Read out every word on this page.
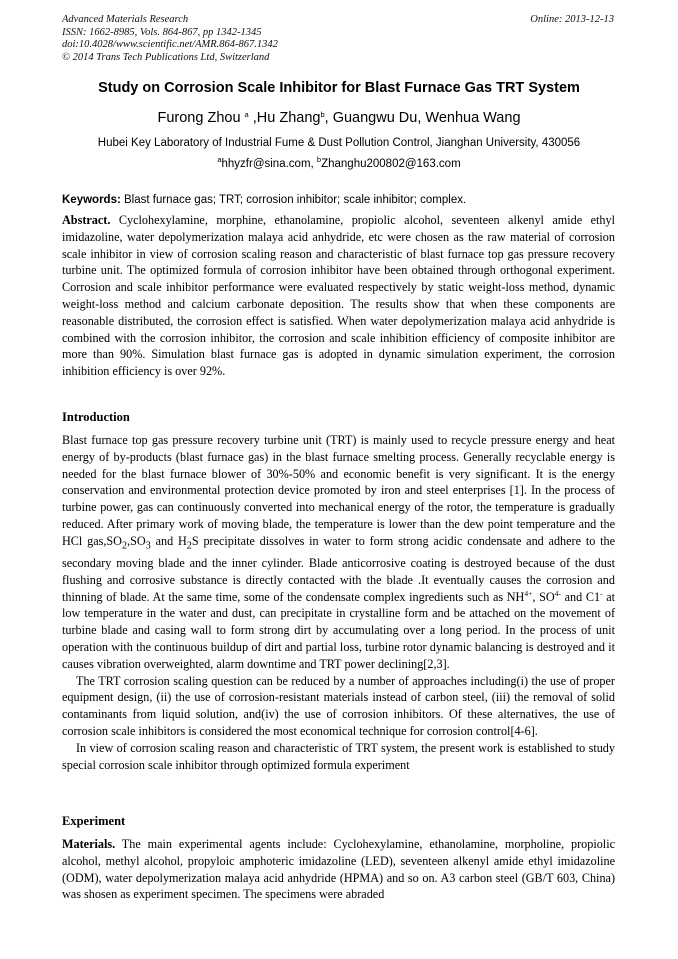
Advanced Materials Research
ISSN: 1662-8985, Vols. 864-867, pp 1342-1345
doi:10.4028/www.scientific.net/AMR.864-867.1342
© 2014 Trans Tech Publications Ltd, Switzerland
Online: 2013-12-13
Study on Corrosion Scale Inhibitor for Blast Furnace Gas TRT System
Furong Zhou $^a$ ,Hu Zhang$^b$, Guangwu Du, Wenhua Wang
Hubei Key Laboratory of Industrial Fume & Dust Pollution Control, Jianghan University, 430056
$^a$hhyzfr@sina.com, $^b$Zhanghu200802@163.com
Keywords: Blast furnace gas; TRT; corrosion inhibitor; scale inhibitor; complex.

Abstract. Cyclohexylamine, morphine, ethanolamine, propiolic alcohol, seventeen alkenyl amide ethyl imidazoline, water depolymerization malaya acid anhydride, etc were chosen as the raw material of corrosion scale inhibitor in view of corrosion scaling reason and characteristic of blast furnace top gas pressure recovery turbine unit. The optimized formula of corrosion inhibitor have been obtained through orthogonal experiment. Corrosion and scale inhibitor performance were evaluated respectively by static weight-loss method, dynamic weight-loss method and calcium carbonate deposition. The results show that when these components are reasonable distributed, the corrosion effect is satisfied. When water depolymerization malaya acid anhydride is combined with the corrosion inhibitor, the corrosion and scale inhibition efficiency of composite inhibitor are more than 90%. Simulation blast furnace gas is adopted in dynamic simulation experiment, the corrosion inhibition efficiency is over 92%.

Introduction

Blast furnace top gas pressure recovery turbine unit (TRT) is mainly used to recycle pressure energy and heat energy of by-products (blast furnace gas) in the blast furnace smelting process. Generally recyclable energy is needed for the blast furnace blower of 30%-50% and economic benefit is very significant. It is the energy conservation and environmental protection device promoted by iron and steel enterprises [1]. In the process of turbine power, gas can continuously converted into mechanical energy of the rotor, the temperature is gradually reduced. After primary work of moving blade, the temperature is lower than the dew point temperature and the HCl $gas,SO_2,SO_3$ and $H_2S$ precipitate dissolves in water to form strong acidic condensate and adhere to the secondary moving blade and the inner cylinder. Blade anticorrosive coating is destroyed because of the dust flushing and corrosive substance is directly contacted with the blade .It eventually causes the corrosion and thinning of blade. At the same time, some of the condensate complex ingredients such as $NH^{4+}$, $SO^{4-}$ and C1- at low temperature in the water and dust, can precipitate in crystalline form and be attached on the movement of turbine blade and casing wall to form strong dirt by accumulating over a long period. In the process of unit operation with the continuous buildup of dirt and partial loss, turbine rotor dynamic balancing is destroyed and it causes vibration overweighted, alarm downtime and TRT power declining[2,3].

The TRT corrosion scaling question can be reduced by a number of approaches including(i) the use of proper equipment design, (ii) the use of corrosion-resistant materials instead of carbon steel, (iii) the removal of solid contaminants from liquid solution, and(iv) the use of corrosion inhibitors. Of these alternatives, the use of corrosion scale inhibitors is considered the most economical technique for corrosion control[4-6].

In view of corrosion scaling reason and characteristic of TRT system, the present work is established to study special corrosion scale inhibitor through optimized formula experiment

Experiment

Materials. The main experimental agents include: Cyclohexylamine, ethanolamine, morpholine, propiolic alcohol, methyl alcohol, propyloic amphoteric imidazoline (LED), seventeen alkenyl amide ethyl imidazoline (ODM), water depolymerization malaya acid anhydride (HPMA) and so on. A3 carbon steel (GB/T 603, China) was shosen as experiment specimen. The specimens were abraded
